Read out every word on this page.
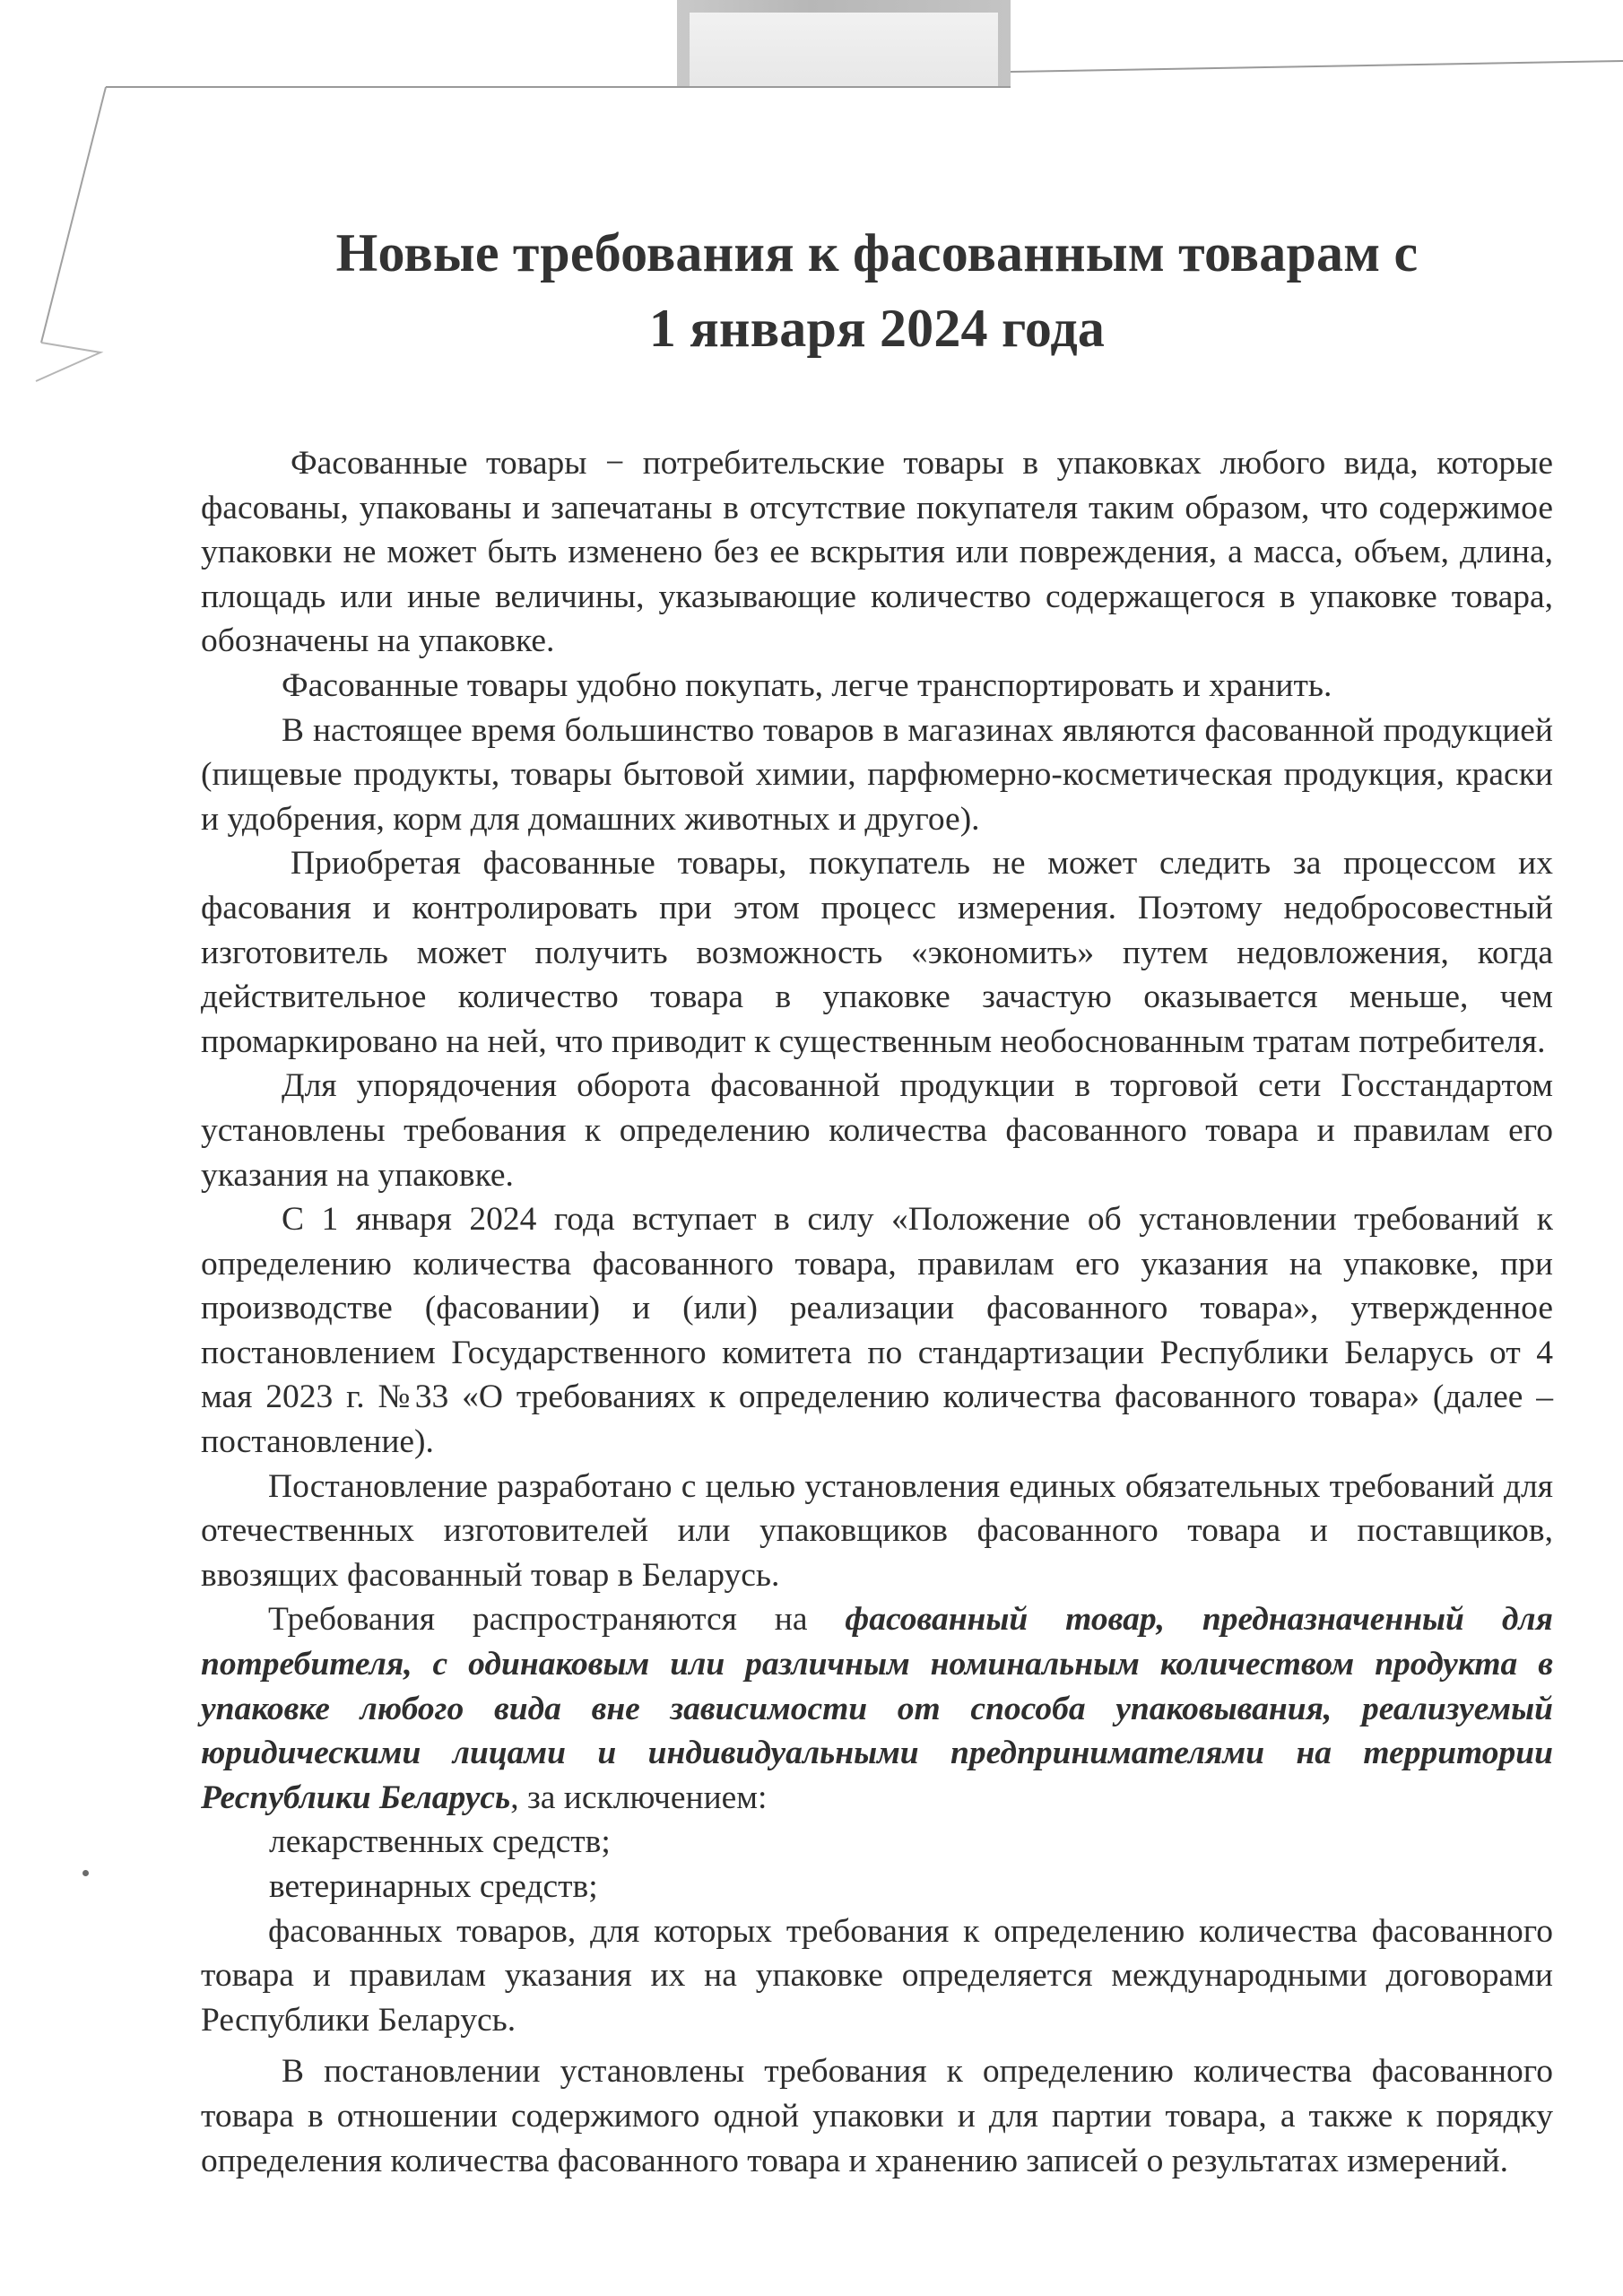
Новые требования к фасованным товарам с
1 января 2024 года

Фасованные товары − потребительские товары в упаковках любого вида, которые фасованы, упакованы и запечатаны в отсутствие покупателя таким образом, что содержимое упаковки не может быть изменено без ее вскрытия или повреждения, а масса, объем, длина, площадь или иные величины, указывающие количество содержащегося в упаковке товара, обозначены на упаковке.

Фасованные товары удобно покупать, легче транспортировать и хранить.

В настоящее время большинство товаров в магазинах являются фасованной продукцией (пищевые продукты, товары бытовой химии, парфюмерно-косметическая продукция, краски и удобрения, корм для домашних животных и другое).

Приобретая фасованные товары, покупатель не может следить за процессом их фасования и контролировать при этом процесс измерения. Поэтому недобросовестный изготовитель может получить возможность «экономить» путем недовложения, когда действительное количество товара в упаковке зачастую оказывается меньше, чем промаркировано на ней, что приводит к существенным необоснованным тратам потребителя.

Для упорядочения оборота фасованной продукции в торговой сети Госстандартом установлены требования к определению количества фасованного товара и правилам его указания на упаковке.

С 1 января 2024 года вступает в силу «Положение об установлении требований к определению количества фасованного товара, правилам его указания на упаковке, при производстве (фасовании) и (или) реализации фасованного товара», утвержденное постановлением Государственного комитета по стандартизации Республики Беларусь от 4 мая 2023 г. №33 «О требованиях к определению количества фасованного товара» (далее – постановление).

Постановление разработано с целью установления единых обязательных требований для отечественных изготовителей или упаковщиков фасованного товара и поставщиков, ввозящих фасованный товар в Беларусь.

Требования распространяются на фасованный товар, предназначенный для потребителя, с одинаковым или различным номинальным количеством продукта в упаковке любого вида вне зависимости от способа упаковывания, реализуемый юридическими лицами и индивидуальными предпринимателями на территории Республики Беларусь, за исключением:

лекарственных средств;

ветеринарных средств;

фасованных товаров, для которых требования к определению количества фасованного товара и правилам указания их на упаковке определяется международными договорами Республики Беларусь.

В постановлении установлены требования к определению количества фасованного товара в отношении содержимого одной упаковки и для партии товара, а также к порядку определения количества фасованного товара и хранению записей о результатах измерений.
